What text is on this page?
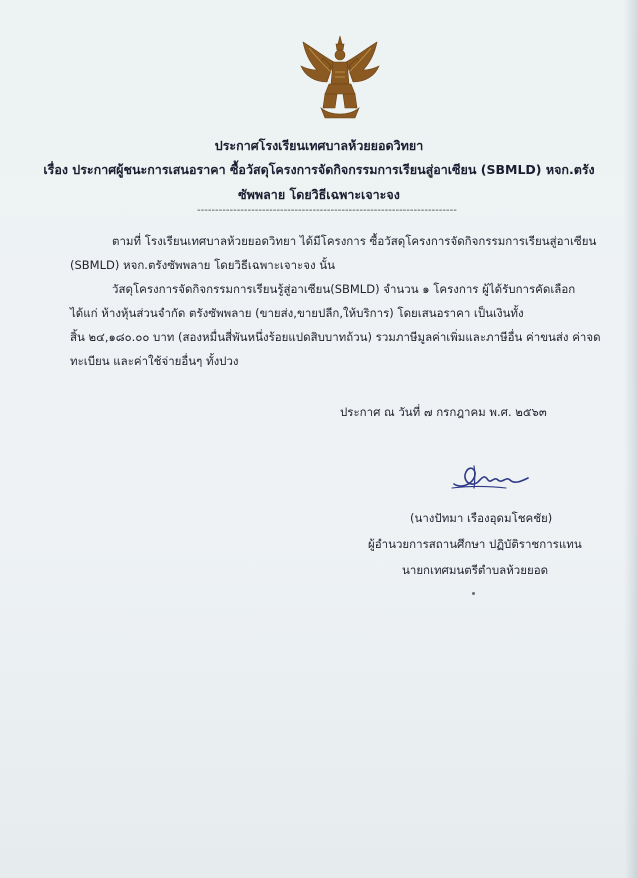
ประกาศโรงเรียนเทศบาลห้วยยอดวิทยา
เรื่อง ประกาศผู้ชนะการเสนอราคา ซื้อวัสดุโครงการจัดกิจกรรมการเรียนสู่อาเซียน (SBMLD) หจก.ตรัง
ซัพพลาย โดยวิธีเฉพาะเจาะจง
------------------------------------------------------------------------
ตามที่ โรงเรียนเทศบาลห้วยยอดวิทยา ได้มีโครงการ ซื้อวัสดุโครงการจัดกิจกรรมการเรียนสู่อาเซียน
(SBMLD) หจก.ตรังซัพพลาย โดยวิธีเฉพาะเจาะจง นั้น
วัสดุโครงการจัดกิจกรรมการเรียนรู้สู่อาเซียน(SBMLD) จำนวน ๑ โครงการ ผู้ได้รับการคัดเลือก
ได้แก่ ห้างหุ้นส่วนจำกัด ตรังซัพพลาย (ขายส่ง,ขายปลีก,ให้บริการ) โดยเสนอราคา เป็นเงินทั้ง
สิ้น ๒๔,๑๘๐.๐๐ บาท (สองหมื่นสี่พันหนึ่งร้อยแปดสิบบาทถ้วน) รวมภาษีมูลค่าเพิ่มและภาษีอื่น ค่าขนส่ง ค่าจด
ทะเบียน และค่าใช้จ่ายอื่นๆ ทั้งปวง
ประกาศ ณ วันที่ ๗ กรกฎาคม พ.ศ. ๒๕๖๓
(นางปัทมา เรืองอุดมโชคชัย)
ผู้อำนวยการสถานศึกษา ปฏิบัติราชการแทน
นายกเทศมนตรีตำบลห้วยยอด
